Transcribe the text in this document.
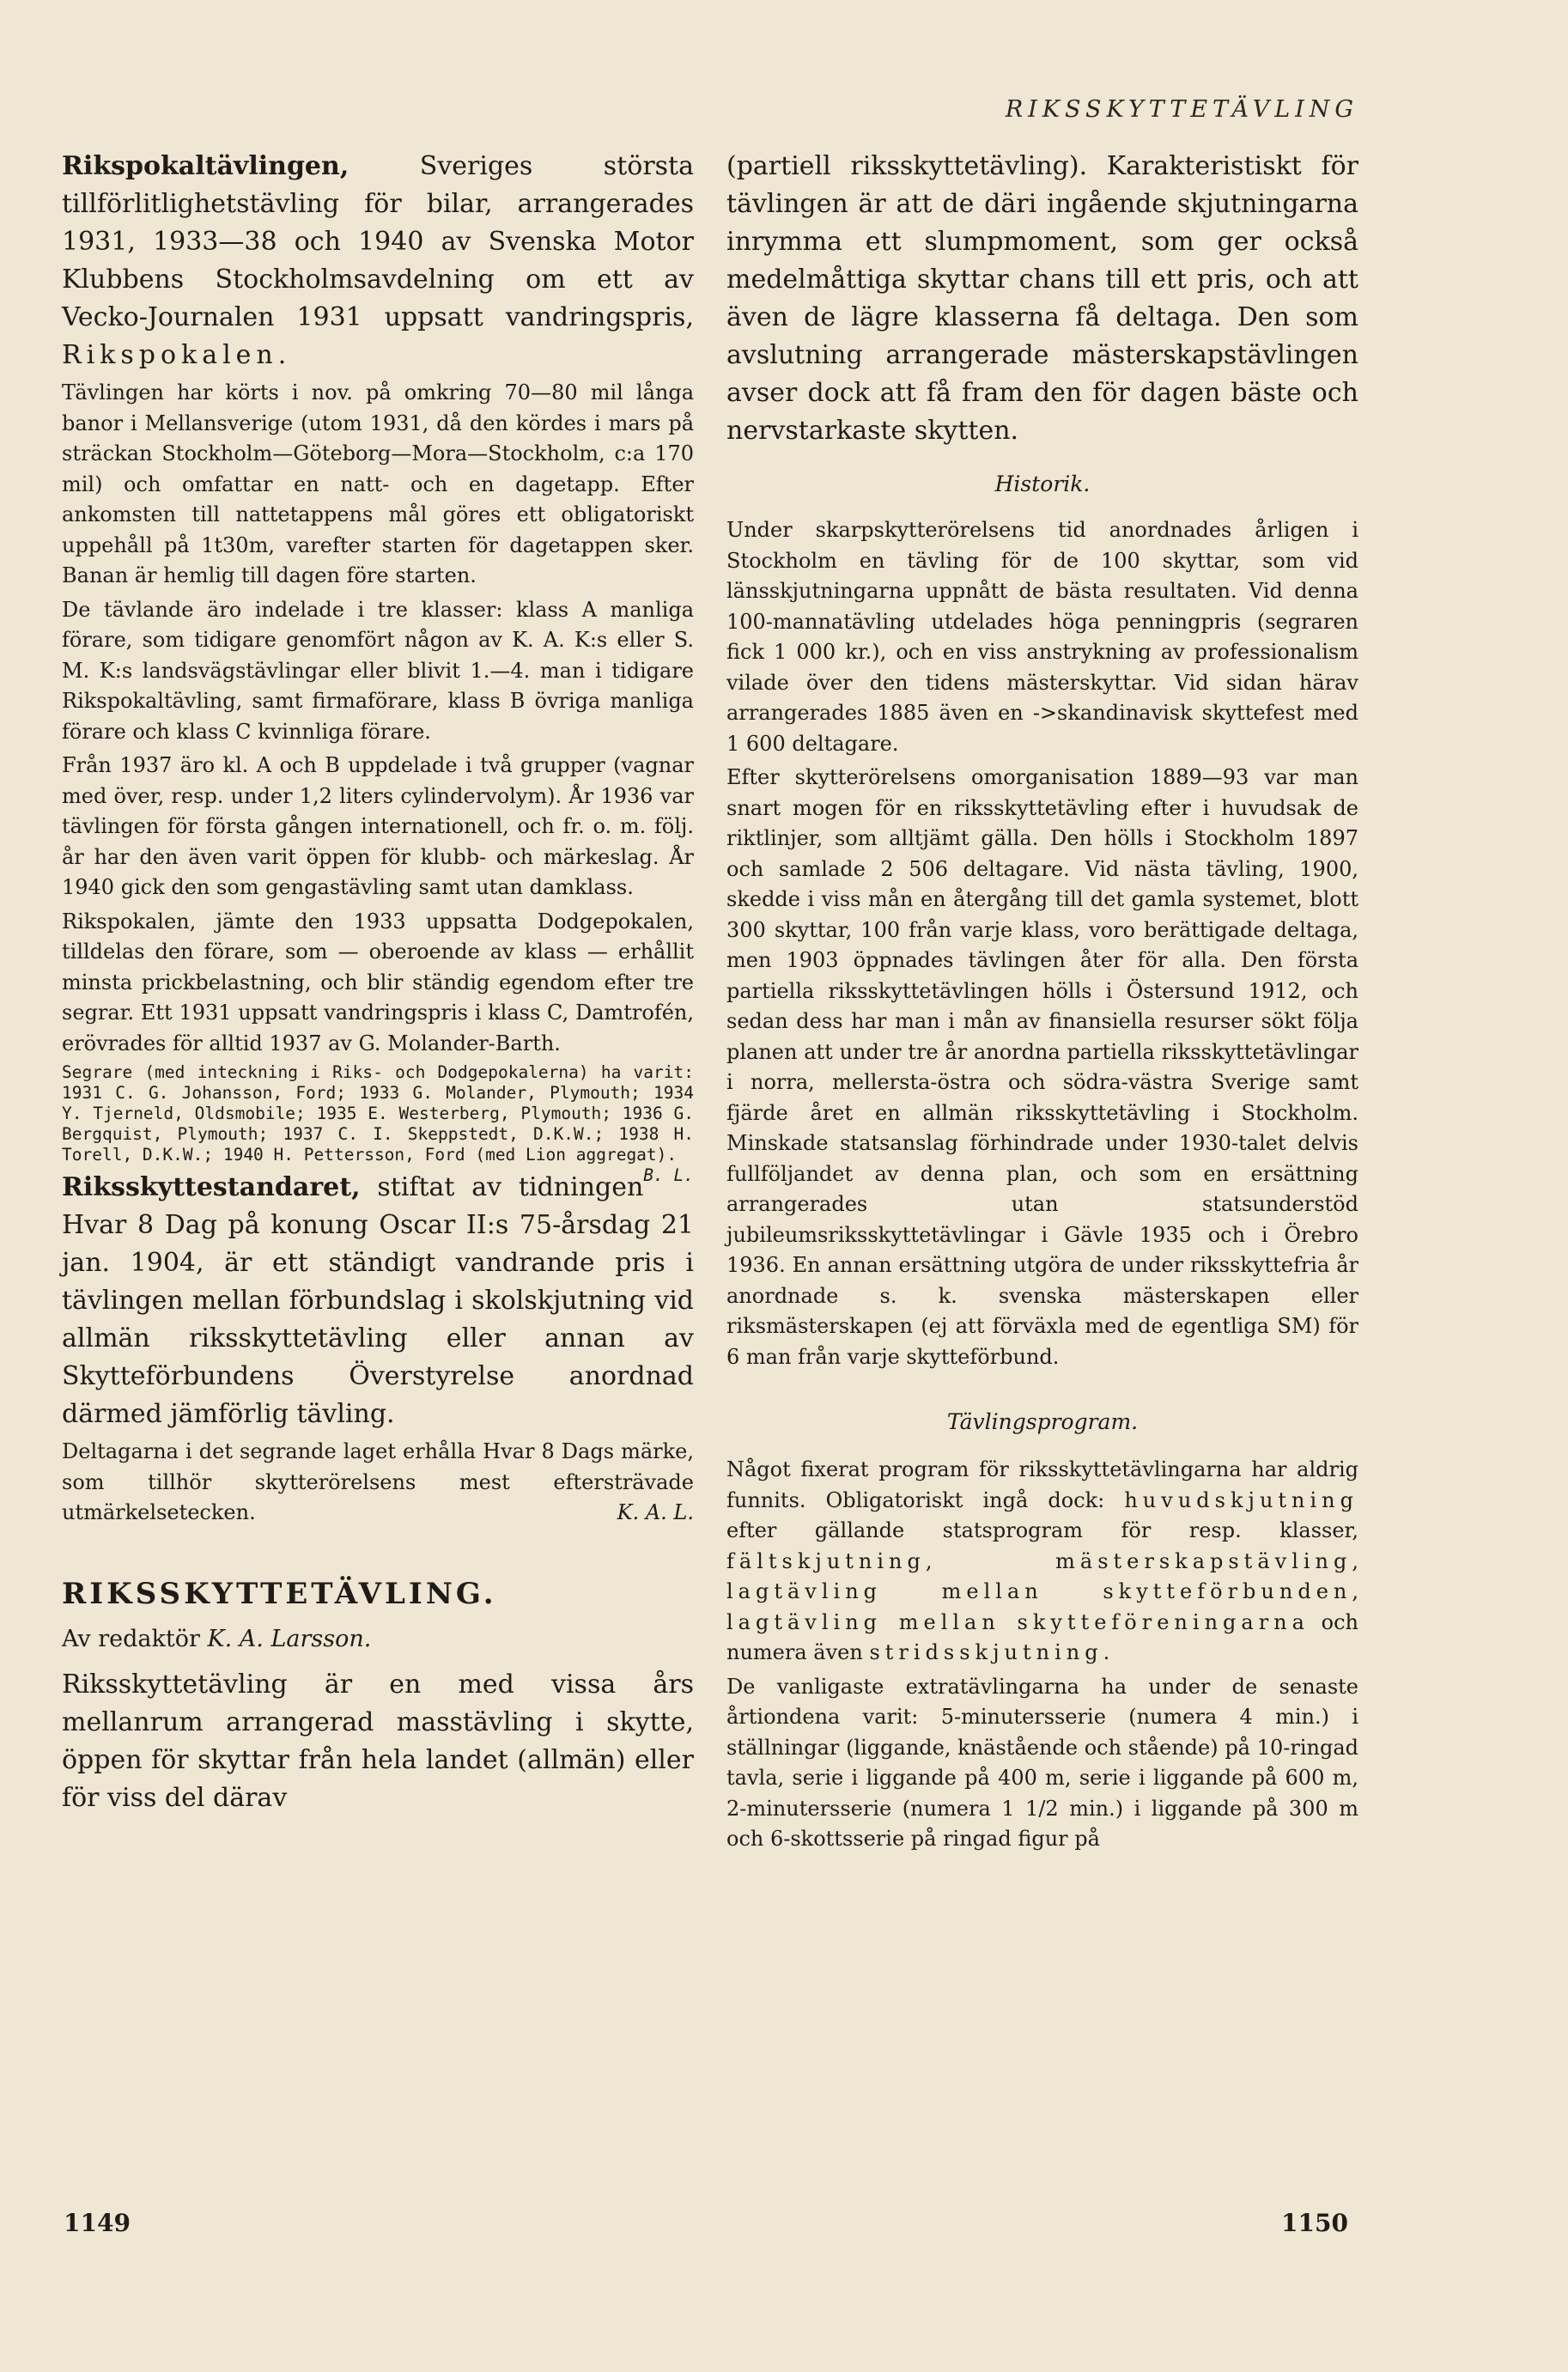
RIKSSKYTTETÄVLING

Rikspokaltävlingen, Sveriges största tillförlitlighetstävling för bilar, arrangerades 1931, 1933—38 och 1940 av Svenska Motor Klubbens Stockholmsavdelning om ett av Vecko-Journalen 1931 uppsatt vandringspris, Rikspokalen.

Tävlingen har körts i nov. på omkring 70—80 mil långa banor i Mellansverige (utom 1931, då den kördes i mars på sträckan Stockholm—Göteborg—Mora—Stockholm, c:a 170 mil) och omfattar en natt- och en dagetapp. Efter ankomsten till nattetappens mål göres ett obligatoriskt uppehåll på 1t30m, varefter starten för dagetappen sker. Banan är hemlig till dagen före starten.

De tävlande äro indelade i tre klasser: klass A manliga förare, som tidigare genomfört någon av K. A. K:s eller S. M. K:s landsvägstävlingar eller blivit 1.—4. man i tidigare Rikspokaltävling, samt firmaförare, klass B övriga manliga förare och klass C kvinnliga förare.

Från 1937 äro kl. A och B uppdelade i två grupper (vagnar med över, resp. under 1,2 liters cylindervolym). År 1936 var tävlingen för första gången internationell, och fr. o. m. följ. år har den även varit öppen för klubb- och märkeslag. År 1940 gick den som gengastävling samt utan damklass.

Rikspokalen, jämte den 1933 uppsatta Dodgepokalen, tilldelas den förare, som — oberoende av klass — erhållit minsta prickbelastning, och blir ständig egendom efter tre segrar. Ett 1931 uppsatt vandringspris i klass C, Damtrofén, erövrades för alltid 1937 av G. Molander-Barth.

Segrare (med inteckning i Riks- och Dodgepokalerna) ha varit: 1931 C. G. Johansson, Ford; 1933 G. Molander, Plymouth; 1934 Y. Tjerneld, Oldsmobile; 1935 E. Westerberg, Plymouth; 1936 G. Bergquist, Plymouth; 1937 C. I. Skeppstedt, D.K.W.; 1938 H. Torell, D.K.W.; 1940 H. Pettersson, Ford (med Lion aggregat).
B. L.

Riksskyttestandaret, stiftat av tidningen Hvar 8 Dag på konung Oscar II:s 75-årsdag 21 jan. 1904, är ett ständigt vandrande pris i tävlingen mellan förbundslag i skolskjutning vid allmän riksskyttetävling eller annan av Skytteförbundens Överstyrelse anordnad därmed jämförlig tävling.

Deltagarna i det segrande laget erhålla Hvar 8 Dags märke, som tillhör skytterörelsens mest eftersträvade utmärkelsetecken.	K. A. L.

RIKSSKYTTETÄVLING.
Av redaktör K. A. Larsson.

Riksskyttetävling är en med vissa års mellanrum arrangerad masstävling i skytte, öppen för skyttar från hela landet (allmän) eller för viss del därav

(partiell riksskyttetävling). Karakteristiskt för tävlingen är att de däri ingående skjutningarna inrymma ett slumpmoment, som ger också medelmåttiga skyttar chans till ett pris, och att även de lägre klasserna få deltaga. Den som avslutning arrangerade mästerskapstävlingen avser dock att få fram den för dagen bäste och nervstarkaste skytten.

Historik.

Under skarpskytterörelsens tid anordnades årligen i Stockholm en tävling för de 100 skyttar, som vid länsskjutningarna uppnått de bästa resultaten. Vid denna 100-mannatävling utdelades höga penningpris (segraren fick 1 000 kr.), och en viss anstrykning av professionalism vilade över den tidens mästerskyttar. Vid sidan härav arrangerades 1885 även en ->skandinavisk skyttefest med 1 600 deltagare.

Efter skytterörelsens omorganisation 1889—93 var man snart mogen för en riksskyttetävling efter i huvudsak de riktlinjer, som alltjämt gälla. Den hölls i Stockholm 1897 och samlade 2 506 deltagare. Vid nästa tävling, 1900, skedde i viss mån en återgång till det gamla systemet, blott 300 skyttar, 100 från varje klass, voro berättigade deltaga, men 1903 öppnades tävlingen åter för alla. Den första partiella riksskyttetävlingen hölls i Östersund 1912, och sedan dess har man i mån av finansiella resurser sökt följa planen att under tre år anordna partiella riksskyttetävlingar i norra, mellersta-östra och södra-västra Sverige samt fjärde året en allmän riksskyttetävling i Stockholm. Minskade statsanslag förhindrade under 1930-talet delvis fullföljandet av denna plan, och som en ersättning arrangerades utan statsunderstöd jubileumsriksskyttetävlingar i Gävle 1935 och i Örebro 1936. En annan ersättning utgöra de under riksskyttefria år anordnade s. k. svenska mästerskapen eller riksmästerskapen (ej att förväxla med de egentliga SM) för 6 man från varje skytteförbund.

Tävlingsprogram.

Något fixerat program för riksskyttetävlingarna har aldrig funnits. Obligatoriskt ingå dock: huvudskjutning efter gällande statsprogram för resp. klasser, fältskjutning, mästerskapstävling, lagtävling mellan skytteförbunden, lagtävling mellan skytteföreningarna och numera även stridsskjutning.

De vanligaste extratävlingarna ha under de senaste årtiondena varit: 5-minutersserie (numera 4 min.) i ställningar (liggande, knästående och stående) på 10-ringad tavla, serie i liggande på 400 m, serie i liggande på 600 m, 2-minutersserie (numera 1 1/2 min.) i liggande på 300 m och 6-skottsserie på ringad figur på

1149	1150
